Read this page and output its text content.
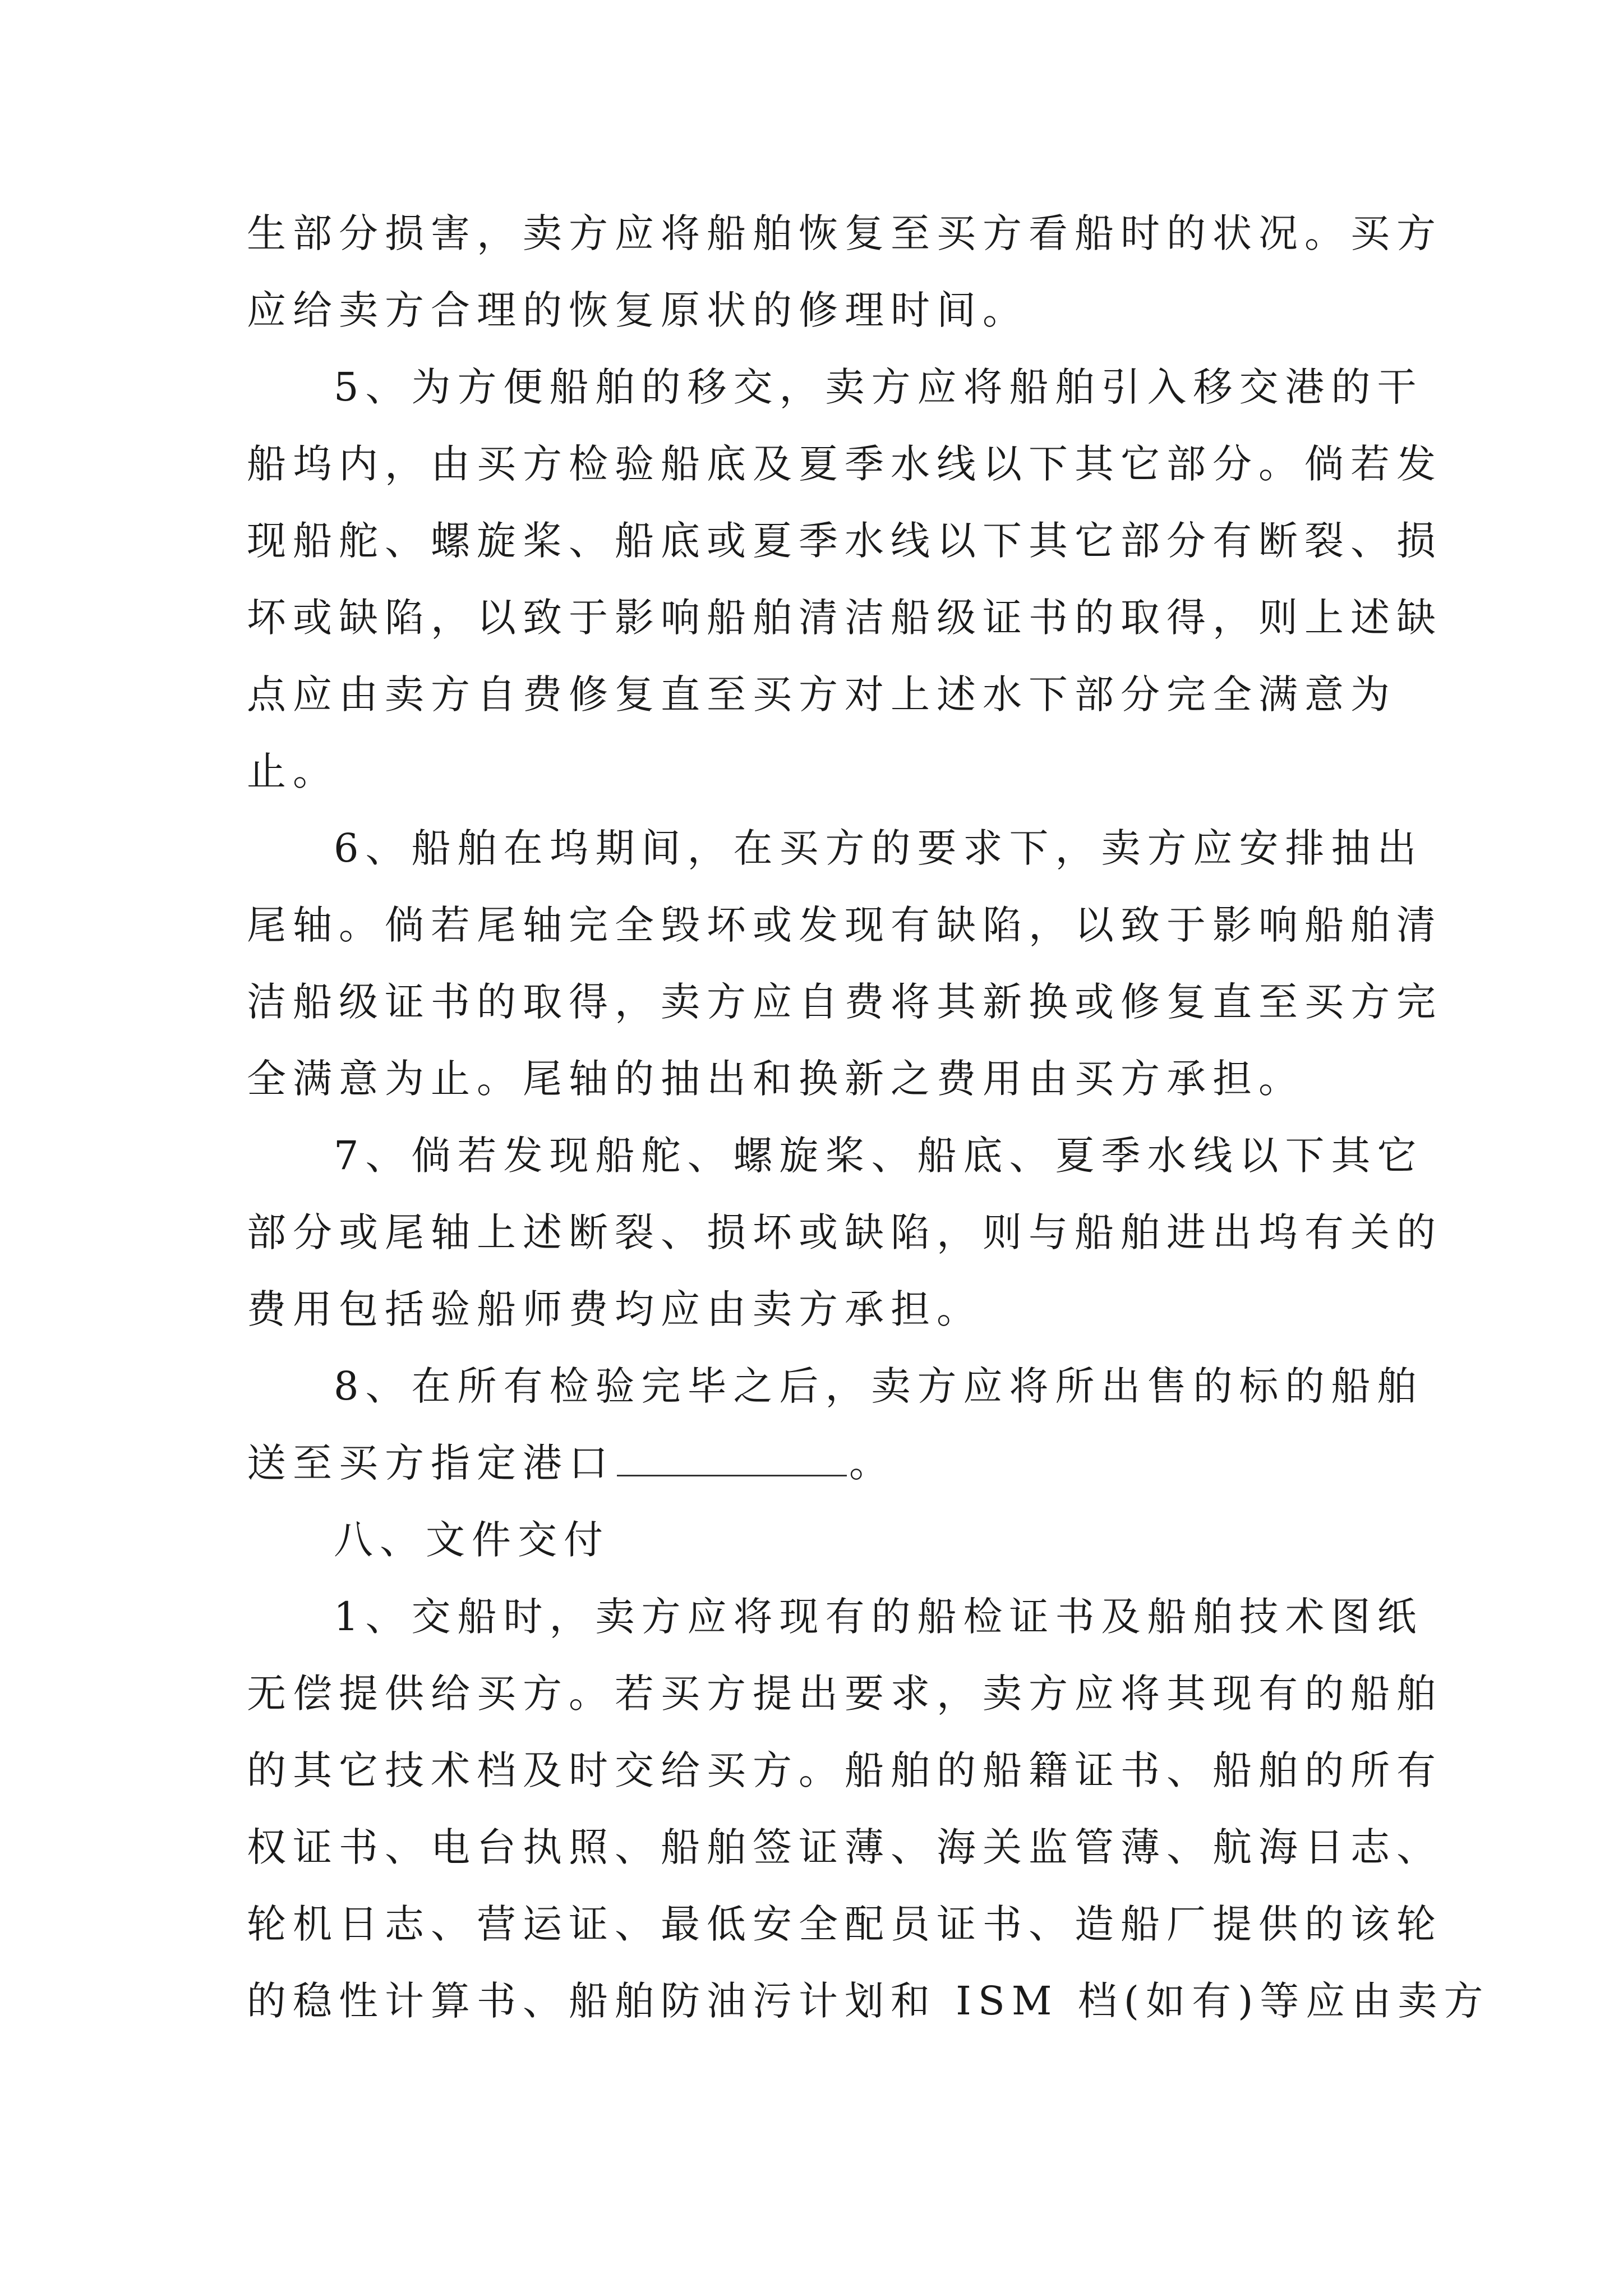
生部分损害，卖方应将船舶恢复至买方看船时的状况。买方
应给卖方合理的恢复原状的修理时间。
5、为方便船舶的移交，卖方应将船舶引入移交港的干
船坞内，由买方检验船底及夏季水线以下其它部分。倘若发
现船舵、螺旋桨、船底或夏季水线以下其它部分有断裂、损
坏或缺陷，以致于影响船舶清洁船级证书的取得，则上述缺
点应由卖方自费修复直至买方对上述水下部分完全满意为
止。
6、船舶在坞期间，在买方的要求下，卖方应安排抽出
尾轴。倘若尾轴完全毁坏或发现有缺陷，以致于影响船舶清
洁船级证书的取得，卖方应自费将其新换或修复直至买方完
全满意为止。尾轴的抽出和换新之费用由买方承担。
7、倘若发现船舵、螺旋桨、船底、夏季水线以下其它
部分或尾轴上述断裂、损坏或缺陷，则与船舶进出坞有关的
费用包括验船师费均应由卖方承担。
8、在所有检验完毕之后，卖方应将所出售的标的船舶
送至买方指定港口	。
八、文件交付
1、交船时，卖方应将现有的船检证书及船舶技术图纸
无偿提供给买方。若买方提出要求，卖方应将其现有的船舶
的其它技术档及时交给买方。船舶的船籍证书、船舶的所有
权证书、电台执照、船舶签证薄、海关监管薄、航海日志、
轮机日志、营运证、最低安全配员证书、造船厂提供的该轮
的稳性计算书、船舶防油污计划和 ISM 档(如有)等应由卖方
